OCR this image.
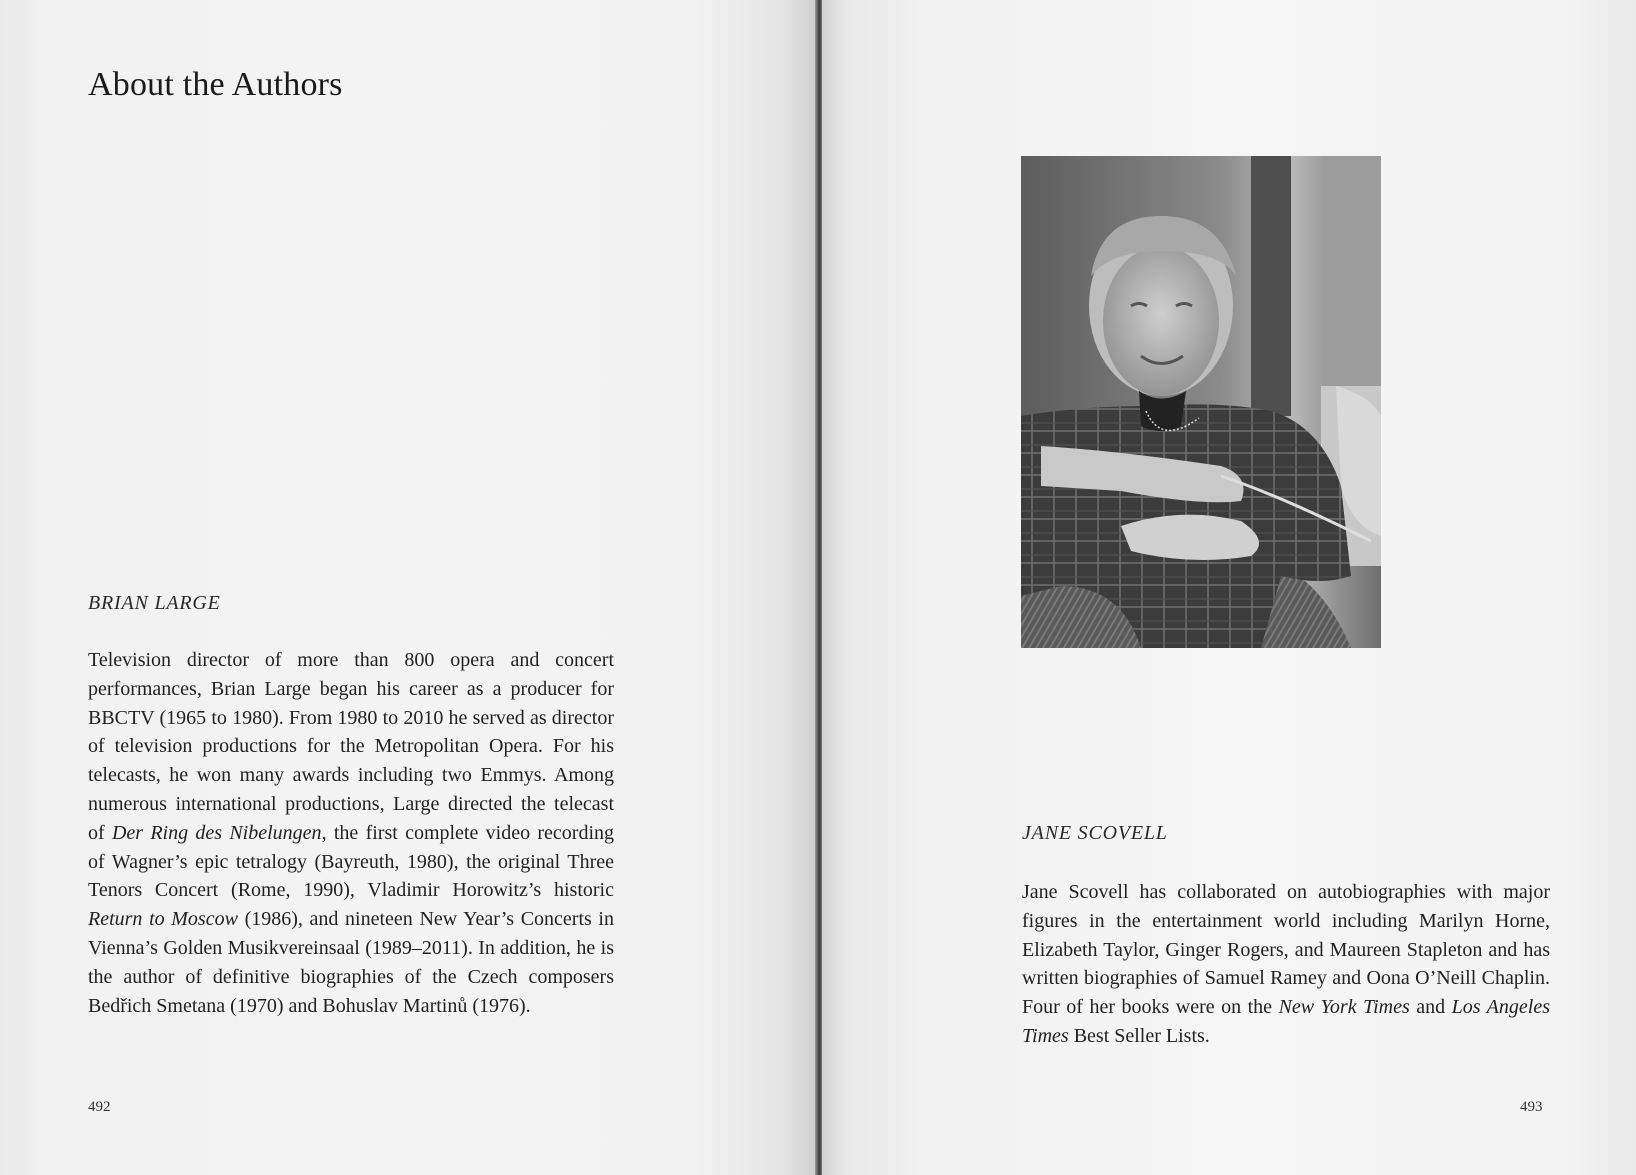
About the Authors

BRIAN LARGE

Television director of more than 800 opera and concert performances, Brian Large began his career as a producer for BBCTV (1965 to 1980). From 1980 to 2010 he served as director of television productions for the Metropolitan Opera. For his telecasts, he won many awards including two Emmys. Among numerous international productions, Large directed the telecast of Der Ring des Nibelungen, the first complete video recording of Wagner’s epic tetralogy (Bayreuth, 1980), the original Three Tenors Concert (Rome, 1990), Vladimir Horowitz’s historic Return to Moscow (1986), and nineteen New Year’s Concerts in Vienna’s Golden Musikvereinsaal (1989–2011). In addition, he is the author of definitive biographies of the Czech composers Bedřich Smetana (1970) and Bohuslav Martinů (1976).

492

JANE SCOVELL

Jane Scovell has collaborated on autobiographies with major figures in the entertainment world including Marilyn Horne, Elizabeth Taylor, Ginger Rogers, and Maureen Stapleton and has written biographies of Samuel Ramey and Oona O’Neill Chaplin. Four of her books were on the New York Times and Los Angeles Times Best Seller Lists.

493
